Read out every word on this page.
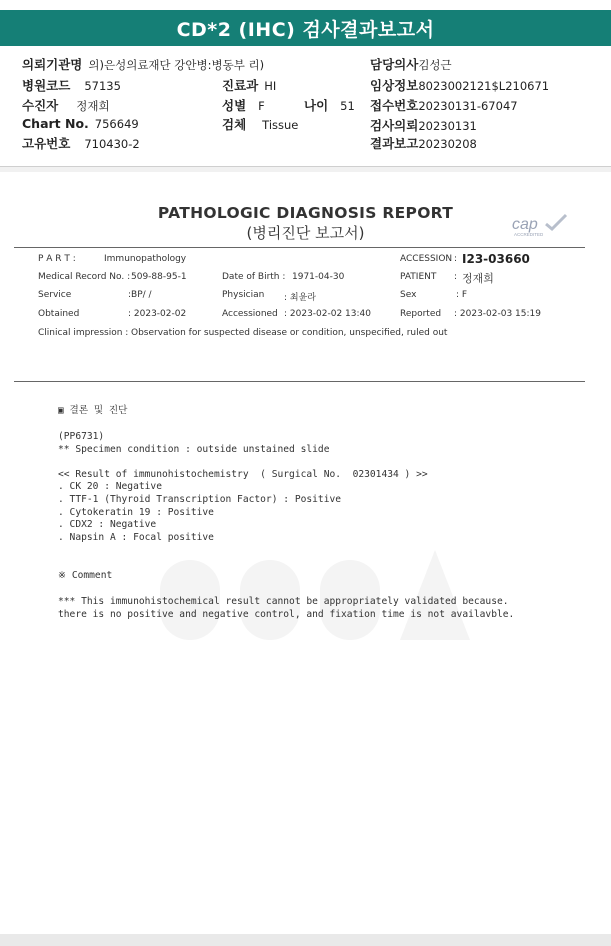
CD*2 (IHC) 검사결과보고서
의뢰기관명 의)은성의료재단 강안병:병동부 리)	담당의사김성근
병원코드 57135	진료과 HI	임상정보8023002121$L210671
수진자 정재희	성별 F	나이 51 접수번호20230131-67047
Chart No. 756649	검체 Tissue	검사의뢰20230131
고유번호 710430-2	결과보고20230208
PATHOLOGIC DIAGNOSIS REPORT
(병리진단 보고서)	cap
ACCREDITED
P A R T :	Immunopathology	ACCESSION : I23-03660
Medical Record No. : 509-88-95-1	Date of Birth : 1971-04-30	PATIENT : 정재희
Service	:BP/ /	Physician : 최윤라	Sex	: F
Obtained	: 2023-02-02	Accessioned : 2023-02-02 13:40	Reported : 2023-02-03 15:19
Clinical impression : Observation for suspected disease or condition, unspecified, ruled out
▣ 결론 및 진단
(PP6731)
** Specimen condition : outside unstained slide

<< Result of immunohistochemistry  ( Surgical No.  02301434 ) >>
. CK 20 : Negative
. TTF-1 (Thyroid Transcription Factor) : Positive
. Cytokeratin 19 : Positive
. CDX2 : Negative
. Napsin A : Focal positive
※ Comment
*** This immunohistochemical result cannot be appropriately validated because.
there is no positive and negative control, and fixation time is not availavble.
